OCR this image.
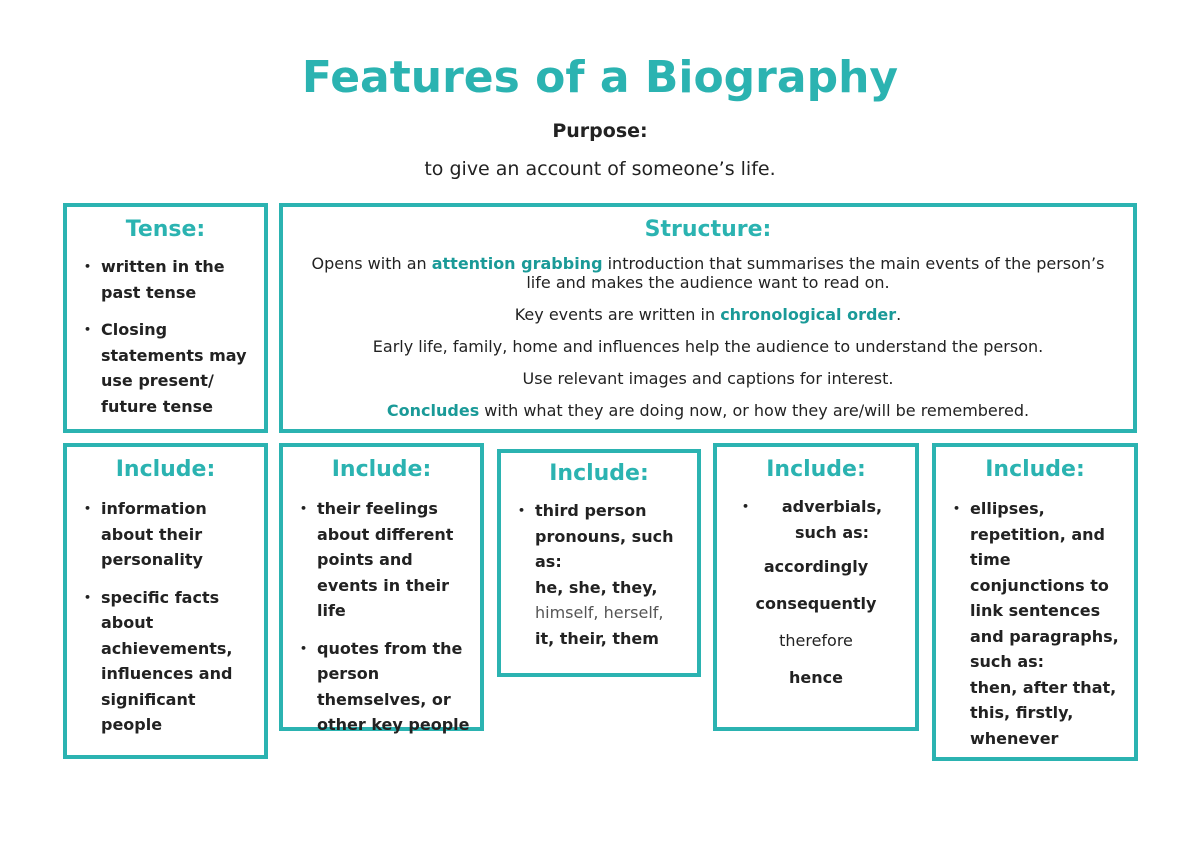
Features of a Biography
Purpose:
to give an account of someone’s life.
Tense:
• written in the past tense
• Closing statements may use present/ future tense
Structure:

Opens with an attention grabbing introduction that summarises the main events of the person’s life and makes the audience want to read on.

Key events are written in chronological order.

Early life, family, home and influences help the audience to understand the person.

Use relevant images and captions for interest.

Concludes with what they are doing now, or how they are/will be remembered.

Include:
• information about their personality
• specific facts about achievements, influences and significant people
Include:
• their feelings about different points and events in their life
• quotes from the person themselves, or other key people
Include:
• third person pronouns, such as:
he, she, they,
himself, herself,
it, their, them
Include:
• adverbials, such as:
accordingly
consequently
therefore
hence
Include:
• ellipses, repetition, and time conjunctions to link sentences and paragraphs, such as:
then, after that, this, firstly, whenever
